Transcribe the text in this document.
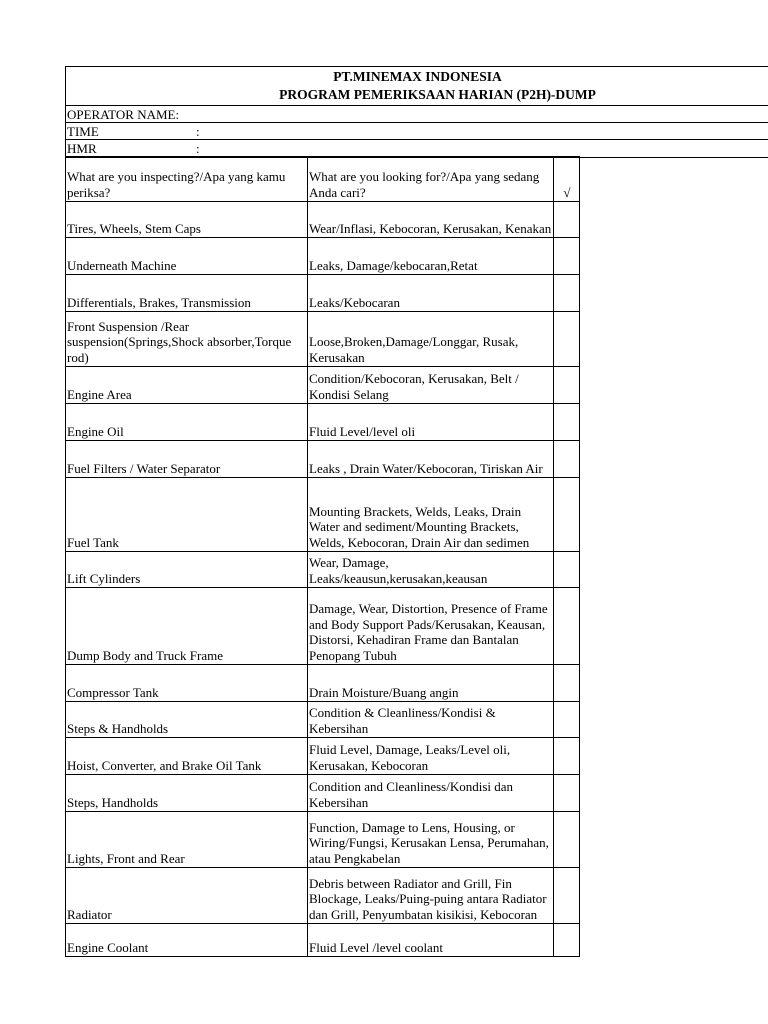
PT.MINEMAX INDONESIA
PROGRAM PEMERIKSAAN HARIAN (P2H)-DUMP
OPERATOR NAME:
TIME	:
HMR	:
What are you inspecting?/Apa yang kamu periksa?	What are you looking for?/Apa yang sedang Anda cari?	√
Tires, Wheels, Stem Caps	Wear/Inflasi, Kebocoran, Kerusakan, Kenakan	

Underneath Machine	Leaks, Damage/kebocaran,Retat	
Differentials, Brakes, Transmission	Leaks/Kebocaran	
Front Suspension /Rear suspension(Springs,Shock absorber,Torque rod)	Loose,Broken,Damage/Longgar, Rusak, Kerusakan	
Engine Area	Condition/Kebocoran, Kerusakan, Belt / Kondisi Selang	

Engine Oil	Fluid Level/level oli	
Fuel Filters / Water Separator	Leaks , Drain Water/Kebocoran, Tiriskan Air	

Fuel Tank	Mounting Brackets, Welds, Leaks, Drain Water and sediment/Mounting Brackets, Welds, Kebocoran, Drain Air dan sedimen	
Lift Cylinders	Wear, Damage, Leaks/keausun,kerusakan,keausan	

Dump Body and Truck Frame	Damage, Wear, Distortion, Presence of Frame and Body Support Pads/Kerusakan, Keausan, Distorsi, Kehadiran Frame dan Bantalan Penopang Tubuh	

Compressor Tank	Drain Moisture/Buang angin	
Steps & Handholds	Condition & Cleanliness/Kondisi & Kebersihan	

Hoist, Converter, and Brake Oil Tank	Fluid Level, Damage, Leaks/Level oli, Kerusakan, Kebocoran	

Steps, Handholds	Condition and Cleanliness/Kondisi dan Kebersihan	

Lights, Front and Rear	Function, Damage to Lens, Housing, or Wiring/Fungsi, Kerusakan Lensa, Perumahan, atau Pengkabelan	

Radiator	Debris between Radiator and Grill, Fin Blockage, Leaks/Puing-puing antara Radiator dan Grill, Penyumbatan kisikisi, Kebocoran	

Engine Coolant	Fluid Level /level coolant	
